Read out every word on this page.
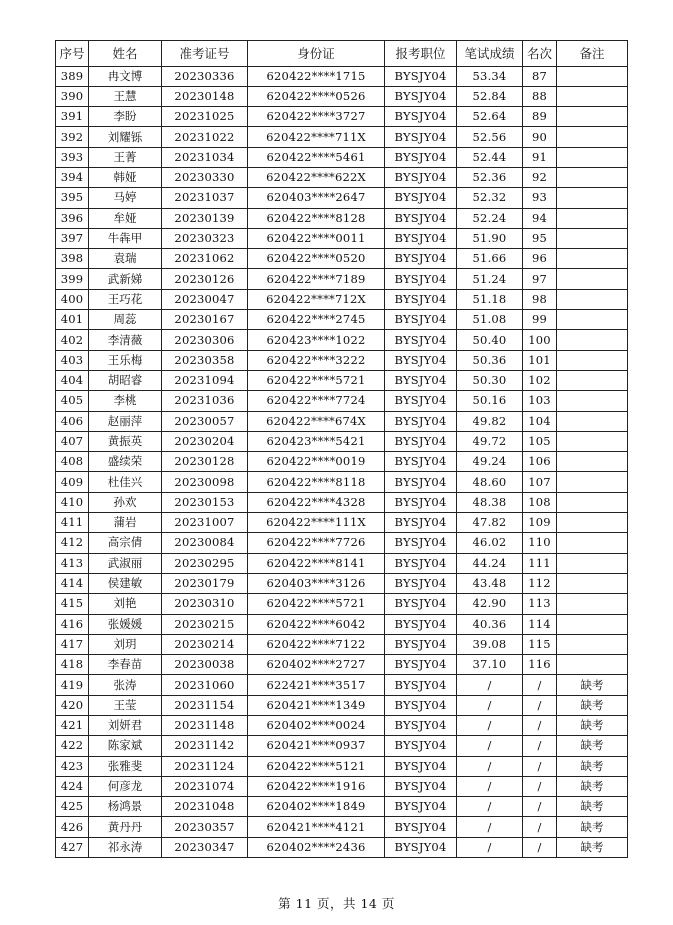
序号	姓名	准考证号	身份证	报考职位	笔试成绩	名次	备注
389	冉文博	20230336	620422****1715	BYSJY04	53.34	87	
390	王慧	20230148	620422****0526	BYSJY04	52.84	88	
391	李盼	20231025	620422****3727	BYSJY04	52.64	89	
392	刘耀铄	20231022	620422****711X	BYSJY04	52.56	90	
393	王菁	20231034	620422****5461	BYSJY04	52.44	91	
394	韩娅	20230330	620422****622X	BYSJY04	52.36	92	
395	马婷	20231037	620403****2647	BYSJY04	52.32	93	
396	牟娅	20230139	620422****8128	BYSJY04	52.24	94	
397	牛犇甲	20230323	620422****0011	BYSJY04	51.90	95	
398	袁瑞	20231062	620422****0520	BYSJY04	51.66	96	
399	武新娣	20230126	620422****7189	BYSJY04	51.24	97	
400	王巧花	20230047	620422****712X	BYSJY04	51.18	98	
401	周蕊	20230167	620422****2745	BYSJY04	51.08	99	
402	李清薇	20230306	620423****1022	BYSJY04	50.40	100	
403	王乐梅	20230358	620422****3222	BYSJY04	50.36	101	
404	胡昭睿	20231094	620422****5721	BYSJY04	50.30	102	
405	李桃	20231036	620422****7724	BYSJY04	50.16	103	
406	赵丽萍	20230057	620422****674X	BYSJY04	49.82	104	
407	黄振英	20230204	620423****5421	BYSJY04	49.72	105	
408	盛续荣	20230128	620422****0019	BYSJY04	49.24	106	
409	杜佳兴	20230098	620422****8118	BYSJY04	48.60	107	
410	孙欢	20230153	620422****4328	BYSJY04	48.38	108	
411	蒲岩	20231007	620422****111X	BYSJY04	47.82	109	
412	高宗倩	20230084	620422****7726	BYSJY04	46.02	110	
413	武淑丽	20230295	620422****8141	BYSJY04	44.24	111	
414	侯建敏	20230179	620403****3126	BYSJY04	43.48	112	
415	刘艳	20230310	620422****5721	BYSJY04	42.90	113	
416	张媛媛	20230215	620422****6042	BYSJY04	40.36	114	
417	刘玥	20230214	620422****7122	BYSJY04	39.08	115	
418	李春苗	20230038	620402****2727	BYSJY04	37.10	116	
419	张涛	20231060	622421****3517	BYSJY04	/	/	缺考
420	王莹	20231154	620421****1349	BYSJY04	/	/	缺考
421	刘妍君	20231148	620402****0024	BYSJY04	/	/	缺考
422	陈家斌	20231142	620421****0937	BYSJY04	/	/	缺考
423	张雅斐	20231124	620422****5121	BYSJY04	/	/	缺考
424	何彦龙	20231074	620422****1916	BYSJY04	/	/	缺考
425	杨鸿景	20231048	620402****1849	BYSJY04	/	/	缺考
426	黄丹丹	20230357	620421****4121	BYSJY04	/	/	缺考
427	祁永涛	20230347	620402****2436	BYSJY04	/	/	缺考
第 11 页，共 14 页
